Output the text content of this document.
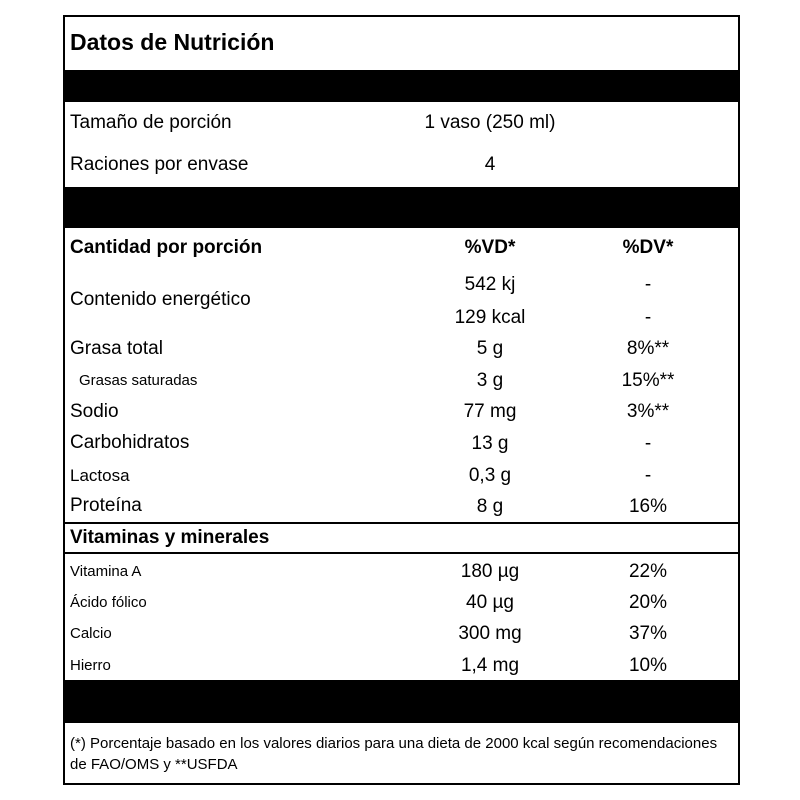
Datos de Nutrición
Tamaño de porción	1 vaso (250 ml)
Raciones por envase	4
Cantidad por porción	%VD*	%DV*
Contenido energético
542 kj	-
129 kcal	-
Grasa total	5 g	8%**
Grasas saturadas	3 g	15%**
Sodio	77 mg	3%**
Carbohidratos	13 g	-
Lactosa	0,3 g	-
Proteína	8 g	16%
Vitaminas y minerales
Vitamina A	180 µg	22%
Ácido fólico	40 µg	20%
Calcio	300 mg	37%
Hierro	1,4 mg	10%
(*) Porcentaje basado en los valores diarios para una dieta de 2000 kcal según recomendaciones de FAO/OMS y **USFDA
